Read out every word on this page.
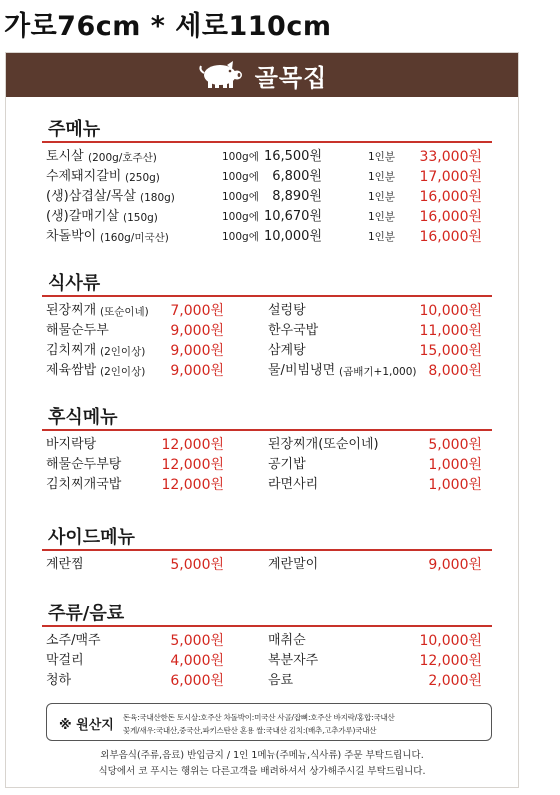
가로76cm * 세로110cm
골목집
주메뉴
토시살 (200g/호주산)	100g에 16,500원	1인분 33,000원
수제돼지갈비 (250g)	100g에 6,800원	1인분 17,000원
(생)삼겹살/목살 (180g)	100g에 8,890원	1인분 16,000원
(생)갈매기살 (150g)	100g에 10,670원	1인분 16,000원
차돌박이 (160g/미국산)	100g에 10,000원	1인분 16,000원
식사류
된장찌개 (또순이네) 7,000원	설렁탕	10,000원
해물순두부	9,000원	한우국밥	11,000원
김치찌개 (2인이상) 9,000원	삼계탕	15,000원
제육쌈밥 (2인이상) 9,000원	물/비빔냉면 (곱배기+1,000) 8,000원
후식메뉴
바지락탕	12,000원	된장찌개(또순이네)	5,000원
해물순두부탕	12,000원	공기밥	1,000원
김치찌개국밥	12,000원	라면사리	1,000원
사이드메뉴
계란찜	5,000원	계란말이	9,000원
주류/음료
소주/맥주	5,000원	매취순	10,000원
막걸리	4,000원	복분자주	12,000원
청하	6,000원	음료	2,000원
※ 원산지
돈육:국내산한돈 토시살:호주산 차돌박이:미국산 사골/잡뼈:호주산 바지락/홍합:국내산
꽃게/새우:국내산,중국산,파키스탄산 혼용 쌀:국내산 김치:(배추,고추가루)국내산
외부음식(주류,음료) 반입금지 / 1인 1메뉴(주메뉴,식사류) 주문 부탁드립니다.
식당에서 코 푸시는 행위는 다른고객을 배려하셔서 상가해주시길 부탁드립니다.
